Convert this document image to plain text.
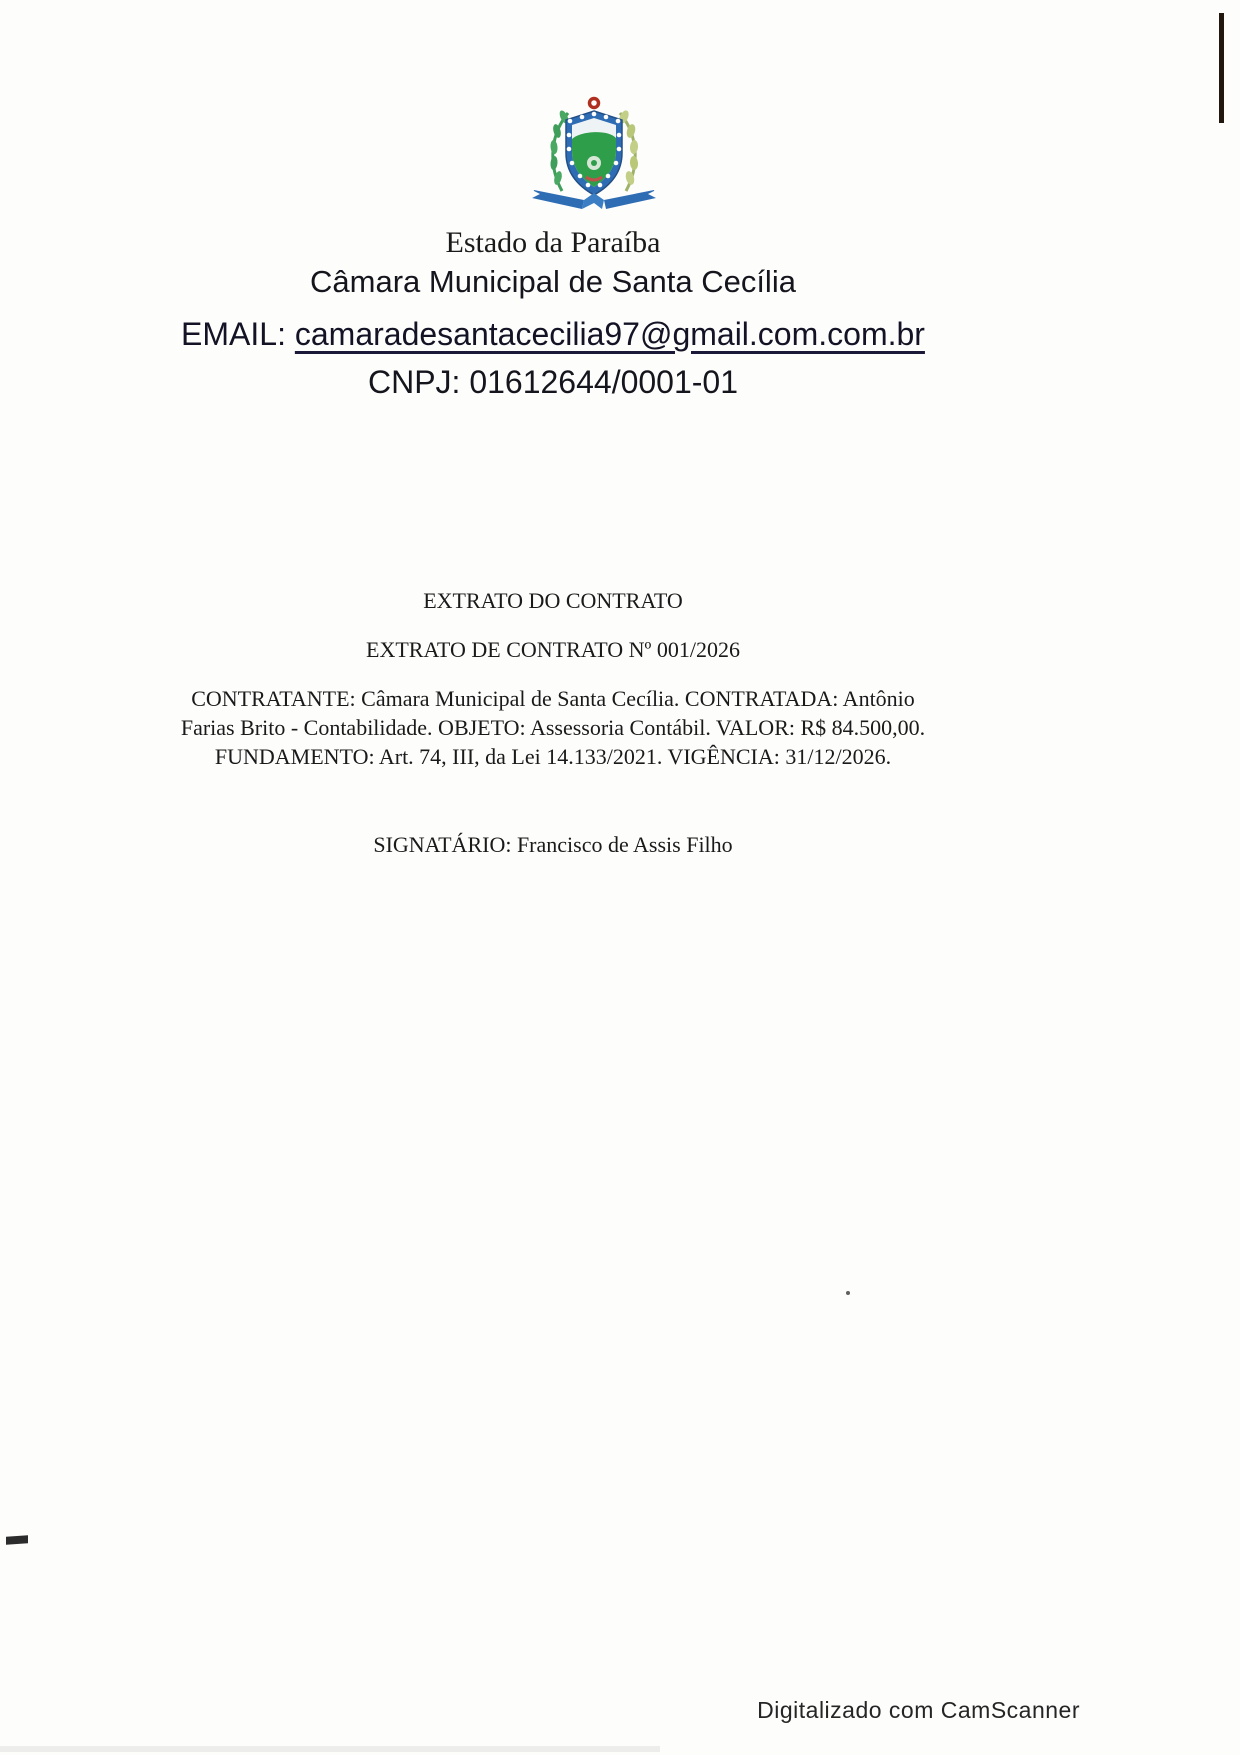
Estado da Paraíba
Câmara Municipal de Santa Cecília
EMAIL: camaradesantacecilia97@gmail.com.com.br
CNPJ: 01612644/0001-01
EXTRATO DO CONTRATO
EXTRATO DE CONTRATO Nº 001/2026
CONTRATANTE: Câmara Municipal de Santa Cecília. CONTRATADA: Antônio
Farias Brito - Contabilidade. OBJETO: Assessoria Contábil. VALOR: R$ 84.500,00.
FUNDAMENTO: Art. 74, III, da Lei 14.133/2021. VIGÊNCIA: 31/12/2026.
SIGNATÁRIO: Francisco de Assis Filho
Digitalizado com CamScanner
